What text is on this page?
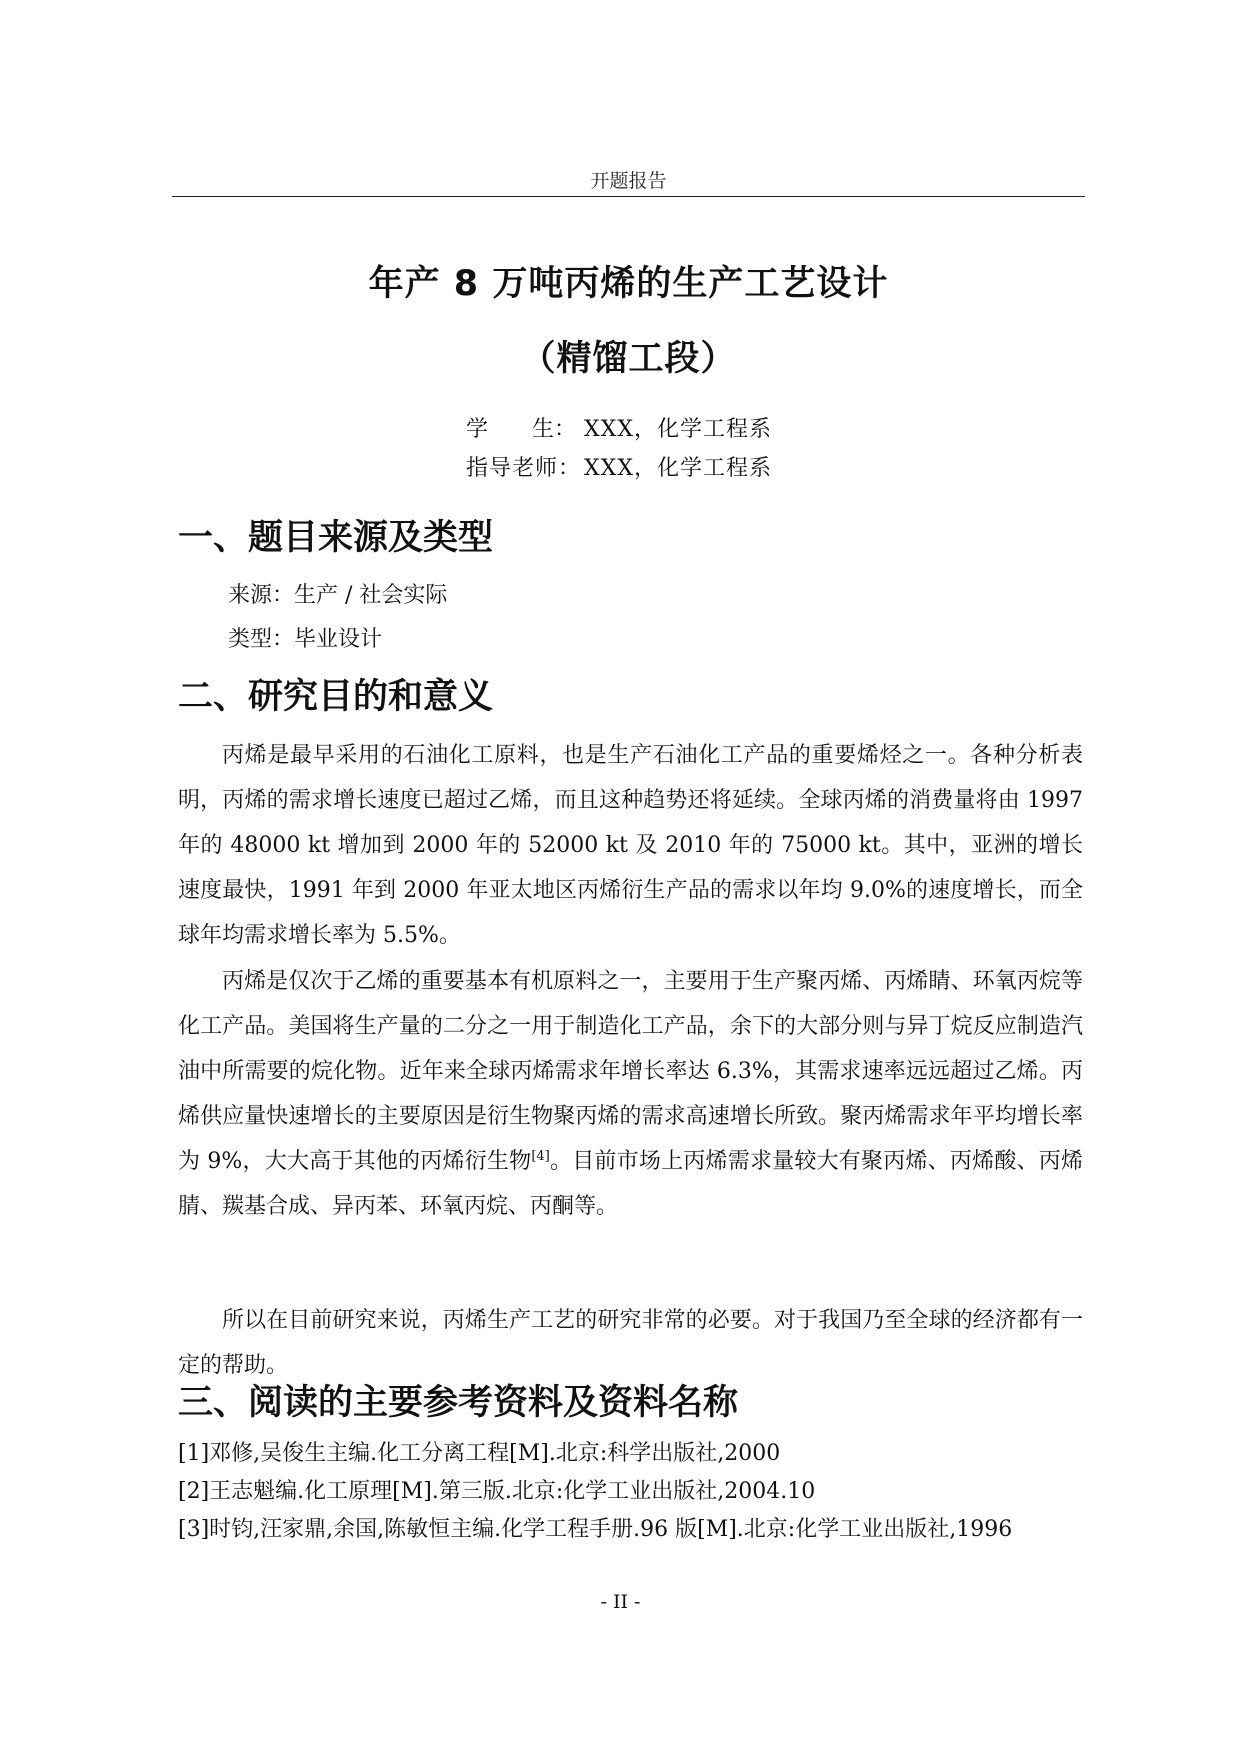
开题报告
年产 8 万吨丙烯的生产工艺设计
（精馏工段）
学　　生： XXX，化学工程系
指导老师： XXX，化学工程系
一、题目来源及类型
来源：生产 / 社会实际
类型：毕业设计
二、研究目的和意义

丙烯是最早采用的石油化工原料，也是生产石油化工产品的重要烯烃之一。各种分析表明，丙烯的需求增长速度已超过乙烯，而且这种趋势还将延续。全球丙烯的消费量将由 1997 年的 48000 kt 增加到 2000 年的 52000 kt 及 2010 年的 75000 kt。其中，亚洲的增长速度最快，1991 年到 2000 年亚太地区丙烯衍生产品的需求以年均 9.0%的速度增长，而全球年均需求增长率为 5.5%。

丙烯是仅次于乙烯的重要基本有机原料之一，主要用于生产聚丙烯、丙烯睛、环氧丙烷等化工产品。美国将生产量的二分之一用于制造化工产品，余下的大部分则与异丁烷反应制造汽油中所需要的烷化物。近年来全球丙烯需求年增长率达 6.3%，其需求速率远远超过乙烯。丙烯供应量快速增长的主要原因是衍生物聚丙烯的需求高速增长所致。聚丙烯需求年平均增长率为 9%，大大高于其他的丙烯衍生物[4]。目前市场上丙烯需求量较大有聚丙烯、丙烯酸、丙烯腈、羰基合成、异丙苯、环氧丙烷、丙酮等。

所以在目前研究来说，丙烯生产工艺的研究非常的必要。对于我国乃至全球的经济都有一定的帮助。

三、阅读的主要参考资料及资料名称
[1]邓修,吴俊生主编.化工分离工程[M].北京:科学出版社,2000
[2]王志魁编.化工原理[M].第三版.北京:化学工业出版社,2004.10
[3]时钧,汪家鼎,余国,陈敏恒主编.化学工程手册.96 版[M].北京:化学工业出版社,1996
- II -
